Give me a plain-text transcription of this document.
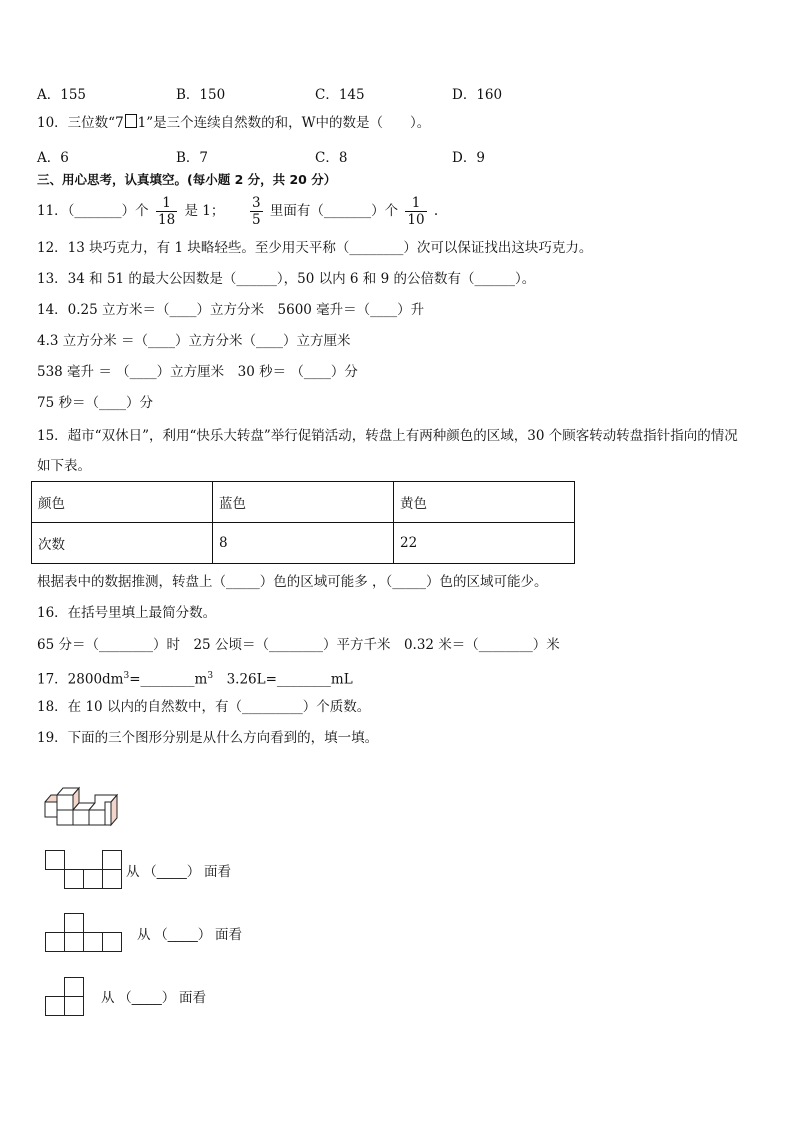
A．155	B．150	C．145	D．160
10．三位数“7 1”是三个连续自然数的和，W中的数是（　　）。
A．6	B．7	C．8	D．9
三、用心思考，认真填空。(每小题 2 分，共 20 分）
11．（_______）个 $\frac{1}{18}$ 是 1； $\frac{3}{5}$ 里面有（_______）个 $\frac{1}{10}$ .
12．13 块巧克力，有 1 块略轻些。至少用天平称（________）次可以保证找出这块巧克力。
13．34 和 51 的最大公因数是（______），50 以内 6 和 9 的公倍数有（______）。
14．0.25 立方米＝（____）立方分米　5600 毫升＝（____）升
4.3 立方分米 ＝（____）立方分米（____）立方厘米
538 毫升 ＝ （____）立方厘米　30 秒＝ （____）分
75 秒＝（____）分
15．超市“双休日”，利用“快乐大转盘”举行促销活动，转盘上有两种颜色的区域，30 个顾客转动转盘指针指向的情况
如下表。
颜色	蓝色	黄色
次数	8	22
根据表中的数据推测，转盘上（_____）色的区域可能多 ，（_____）色的区域可能少。
16．在括号里填上最简分数。
65 分＝（________）时　25 公顷＝（________）平方千米　0.32 米＝（________）米
17．$2800dm^3=\_\_\_\_\_\_\_\_m^3$　3.26L=________mL
18．在 10 以内的自然数中，有（_________）个质数。
19．下面的三个图形分别是从什么方向看到的，填一填。
从 （____） 面看
从 （____） 面看
从 （____） 面看
